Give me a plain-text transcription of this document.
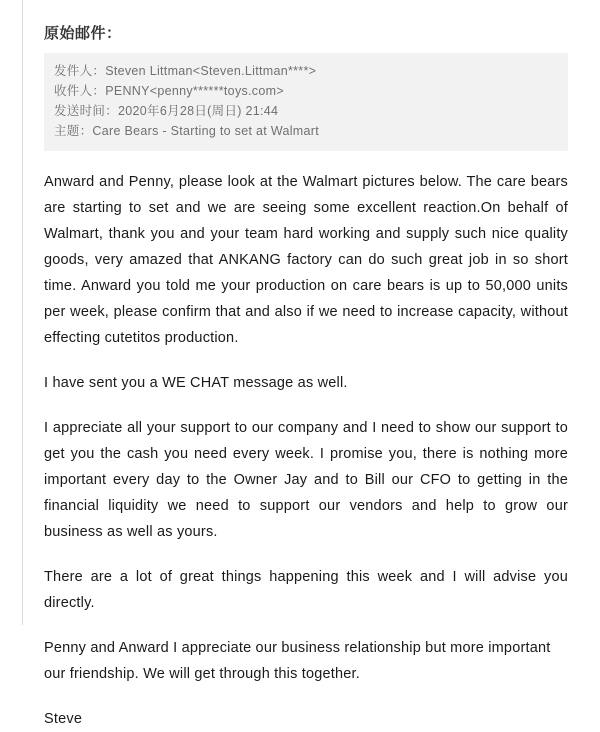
原始邮件：
发件人：Steven Littman<Steven.Littman****>
收件人：PENNY<penny******toys.com>
发送时间：2020年6月28日(周日) 21:44
主题：Care Bears - Starting to set at Walmart

Anward and Penny, please look at the Walmart pictures below. The care bears are starting to set and we are seeing some excellent reaction.On behalf of Walmart, thank you and your team hard working and supply such nice quality goods, very amazed that ANKANG factory can do such great job in so short time. Anward you told me your production on care bears is up to 50,000 units per week, please confirm that and also if we need to increase capacity, without effecting cutetitos production.

I have sent you a WE CHAT message as well.

I appreciate all your support to our company and I need to show our support to get you the cash you need every week. I promise you, there is nothing more important every day to the Owner Jay and to Bill our CFO to getting in the financial liquidity we need to support our vendors and help to grow our business as well as yours.

There are a lot of great things happening this week and I will advise you directly.

Penny and Anward I appreciate our business relationship but more important our friendship. We will get through this together.

Steve
